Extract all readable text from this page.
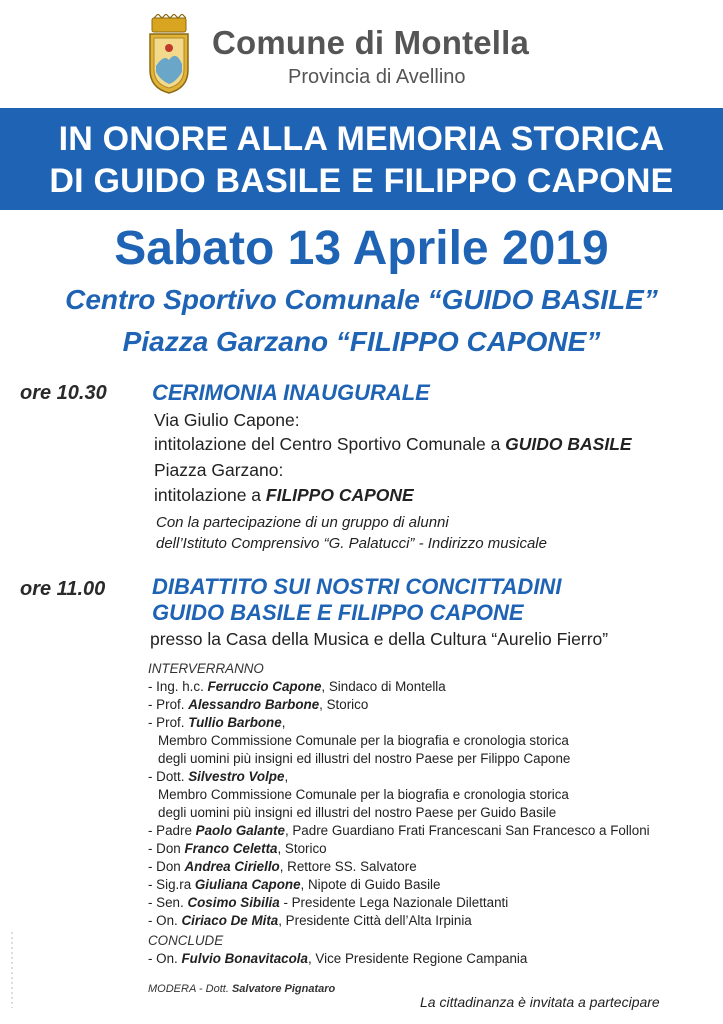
Comune di Montella
Provincia di Avellino
IN ONORE ALLA MEMORIA STORICA
DI GUIDO BASILE E FILIPPO CAPONE
Sabato 13 Aprile 2019
Centro Sportivo Comunale “GUIDO BASILE”
Piazza Garzano “FILIPPO CAPONE”
ore 10.30 CERIMONIA INAUGURALE
Via Giulio Capone:
intitolazione del Centro Sportivo Comunale a GUIDO BASILE
Piazza Garzano:
intitolazione a FILIPPO CAPONE
Con la partecipazione di un gruppo di alunni
dell’Istituto Comprensivo “G. Palatucci” - Indirizzo musicale
ore 11.00 DIBATTITO SUI NOSTRI CONCITTADINI
GUIDO BASILE E FILIPPO CAPONE
presso la Casa della Musica e della Cultura “Aurelio Fierro”
INTERVERRANNO
- Ing. h.c. Ferruccio Capone, Sindaco di Montella
- Prof. Alessandro Barbone, Storico
- Prof. Tullio Barbone,
Membro Commissione Comunale per la biografia e cronologia storica
degli uomini più insigni ed illustri del nostro Paese per Filippo Capone
- Dott. Silvestro Volpe,
Membro Commissione Comunale per la biografia e cronologia storica
degli uomini più insigni ed illustri del nostro Paese per Guido Basile
- Padre Paolo Galante, Padre Guardiano Frati Francescani San Francesco a Folloni
- Don Franco Celetta, Storico
- Don Andrea Ciriello, Rettore SS. Salvatore
- Sig.ra Giuliana Capone, Nipote di Guido Basile
- Sen. Cosimo Sibilia - Presidente Lega Nazionale Dilettanti
- On. Ciriaco De Mita, Presidente Città dell’Alta Irpinia
CONCLUDE
- On. Fulvio Bonavitacola, Vice Presidente Regione Campania
MODERA - Dott. Salvatore Pignataro
La cittadinanza è invitata a partecipare
